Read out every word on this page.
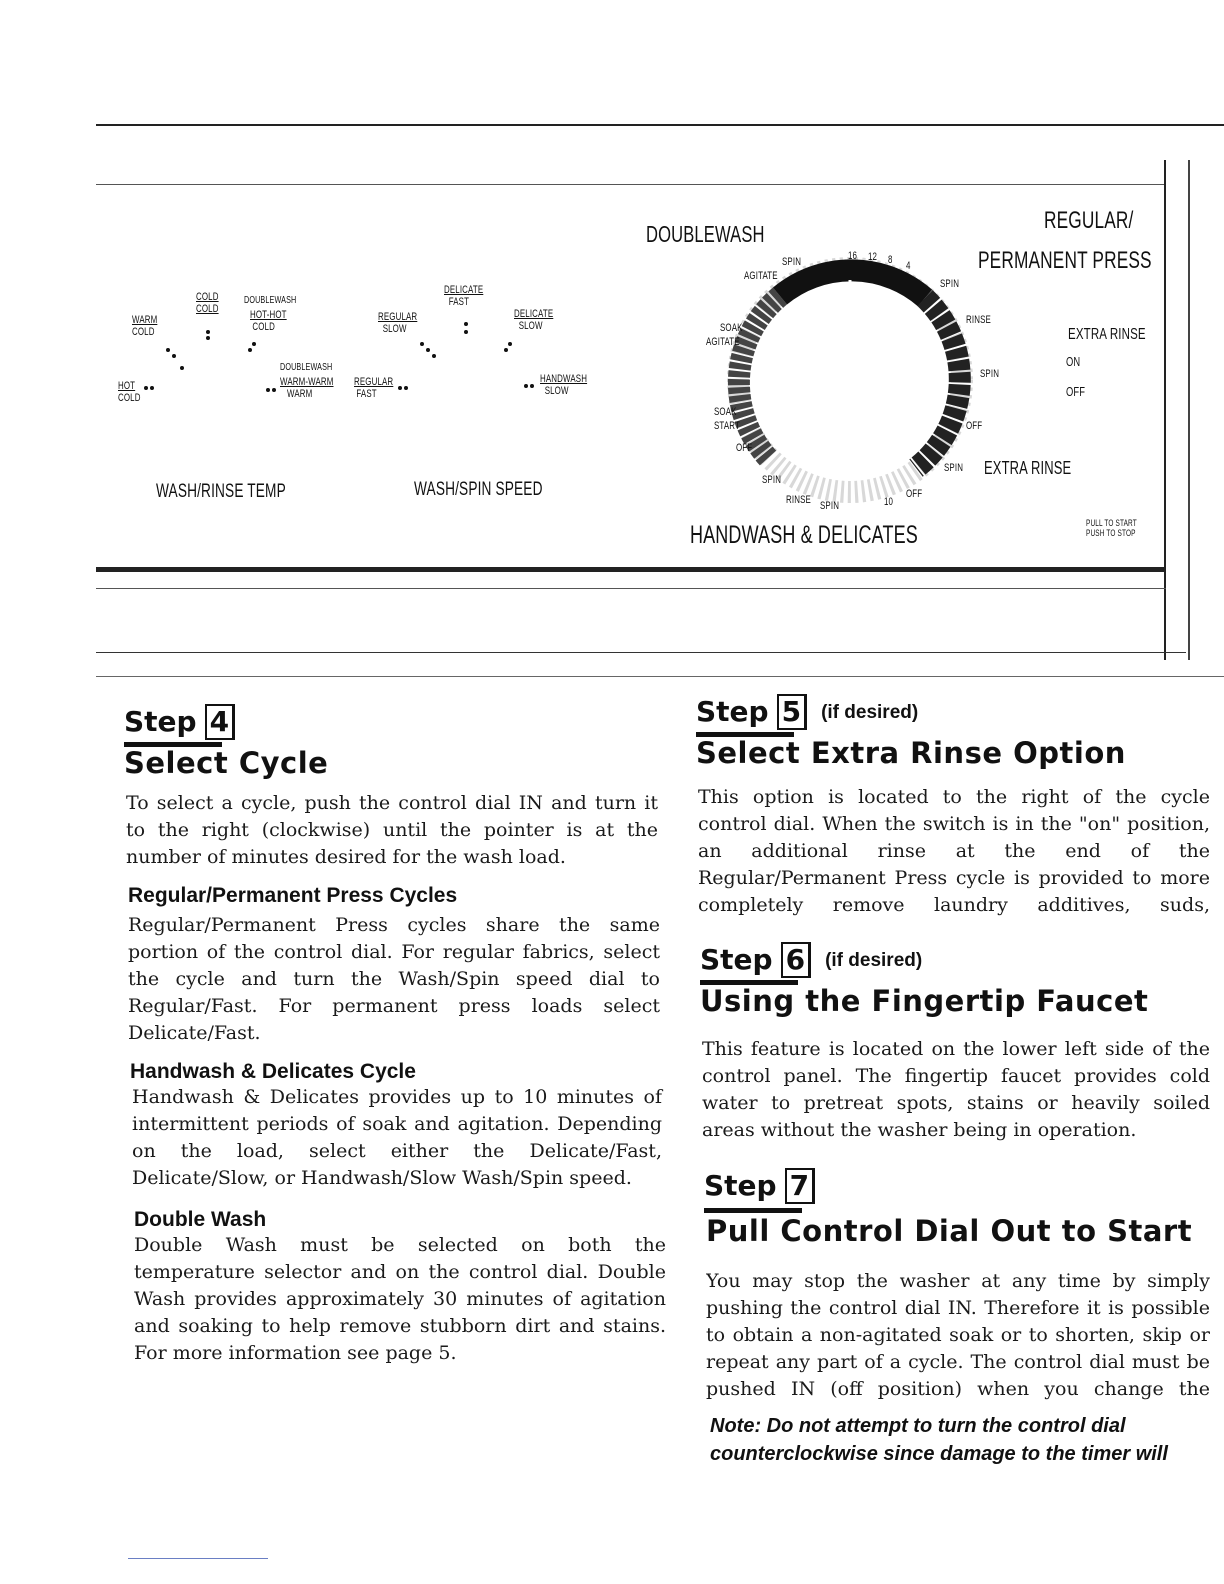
WARM
COLD
COLD
COLD
DOUBLEWASH
HOT-HOT
COLD
DOUBLEWASH
WARM-WARM
WARM
HOT
COLD
WASH/RINSE TEMP
DELICATE
FAST
REGULAR
SLOW
DELICATE
SLOW
REGULAR
FAST
HANDWASH
SLOW
WASH/SPIN SPEED
DOUBLEWASH	REGULAR/
PERMANENT PRESS
HANDWASH & DELICATES
SPIN
AGITATE
16 12 8 4
SPIN
RINSE
SOAK
AGITATE
SPIN
SOAK
START
OFF
OFF
SPIN
SPIN
RINSE SPIN	10
OFF
EXTRA RINSE
EXTRA RINSE
ON
OFF
PULL TO START
PUSH TO STOP
Step 4
Select Cycle
To select a cycle, push the control dial IN and turn it to the right (clockwise) until the pointer is at the number of minutes desired for the wash load.
Regular/Permanent Press Cycles
Regular/Permanent Press cycles share the same portion of the control dial. For regular fabrics, select the cycle and turn the Wash/Spin speed dial to Regular/Fast. For permanent press loads select Delicate/Fast.
Handwash & Delicates Cycle
Handwash & Delicates provides up to 10 minutes of intermittent periods of soak and agitation. Depending on the load, select either the Delicate/Fast, Delicate/Slow, or Handwash/Slow Wash/Spin speed.
Double Wash
Double Wash must be selected on both the temperature selector and on the control dial. Double Wash provides approximately 30 minutes of agitation and soaking to help remove stubborn dirt and stains. For more information see page 5.
Step 5 (if desired)
Select Extra Rinse Option
This option is located to the right of the cycle control dial. When the switch is in the "on" position, an additional rinse at the end of the Regular/Permanent Press cycle is provided to more completely remove laundry additives, suds,
Step 6 (if desired)
Using the Fingertip Faucet
This feature is located on the lower left side of the control panel. The fingertip faucet provides cold water to pretreat spots, stains or heavily soiled areas without the washer being in operation.
Step 7
Pull Control Dial Out to Start
You may stop the washer at any time by simply pushing the control dial IN. Therefore it is possible to obtain a non-agitated soak or to shorten, skip or repeat any part of a cycle. The control dial must be pushed IN (off position) when you change the
Note: Do not attempt to turn the control dial counterclockwise since damage to the timer will
